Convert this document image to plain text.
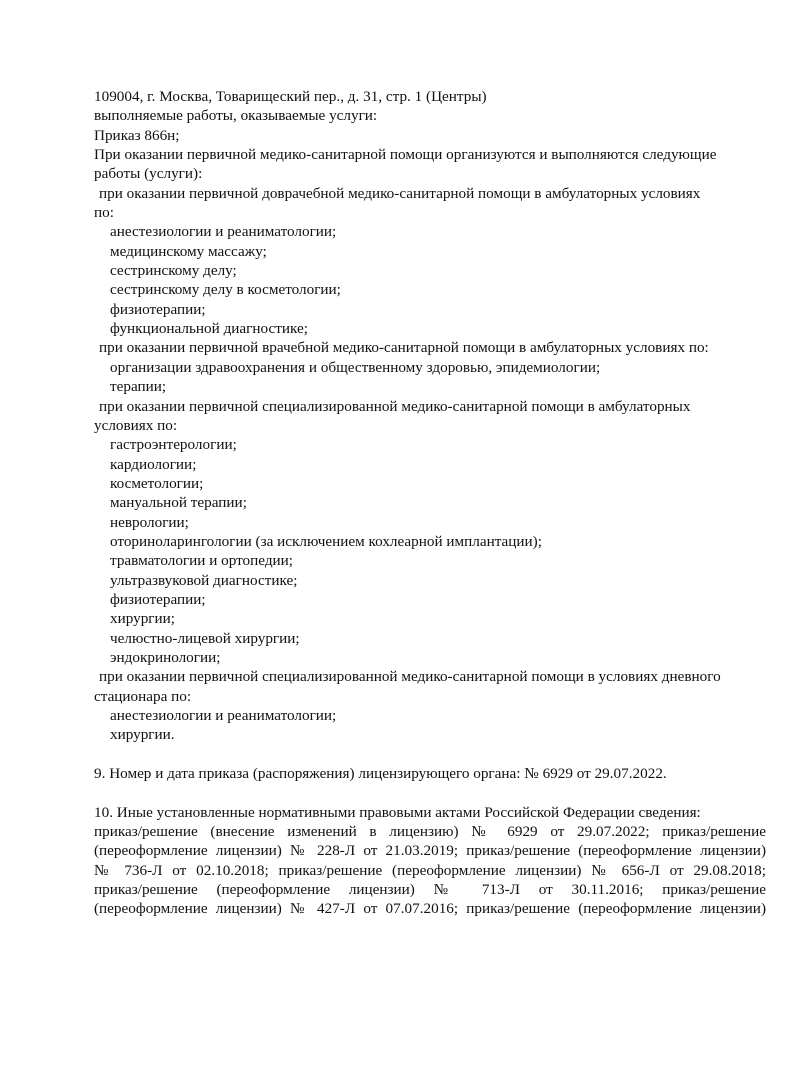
109004, г. Москва, Товарищеский пер., д. 31, стр. 1 (Центры)
выполняемые работы, оказываемые услуги:
Приказ 866н;
При оказании первичной медико-санитарной помощи организуются и выполняются следующие
работы (услуги):
при оказании первичной доврачебной медико-санитарной помощи в амбулаторных условиях
по:
анестезиологии и реаниматологии;
медицинскому массажу;
сестринскому делу;
сестринскому делу в косметологии;
физиотерапии;
функциональной диагностике;
при оказании первичной врачебной медико-санитарной помощи в амбулаторных условиях по:
организации здравоохранения и общественному здоровью, эпидемиологии;
терапии;
при оказании первичной специализированной медико-санитарной помощи в амбулаторных
условиях по:
гастроэнтерологии;
кардиологии;
косметологии;
мануальной терапии;
неврологии;
оториноларингологии (за исключением кохлеарной имплантации);
травматологии и ортопедии;
ультразвуковой диагностике;
физиотерапии;
хирургии;
челюстно-лицевой хирургии;
эндокринологии;
при оказании первичной специализированной медико-санитарной помощи в условиях дневного
стационара по:
анестезиологии и реаниматологии;
хирургии.
9. Номер и дата приказа (распоряжения) лицензирующего органа: № 6929 от 29.07.2022.
10. Иные установленные нормативными правовыми актами Российской Федерации сведения:
приказ/решение (внесение изменений в лицензию) № 6929 от 29.07.2022; приказ/решение
(переоформление лицензии) № 228-Л от 21.03.2019; приказ/решение (переоформление лицензии)
№ 736-Л от 02.10.2018; приказ/решение (переоформление лицензии) № 656-Л от 29.08.2018;
приказ/решение (переоформление лицензии) № 713-Л от 30.11.2016; приказ/решение
(переоформление лицензии) № 427-Л от 07.07.2016; приказ/решение (переоформление лицензии)
